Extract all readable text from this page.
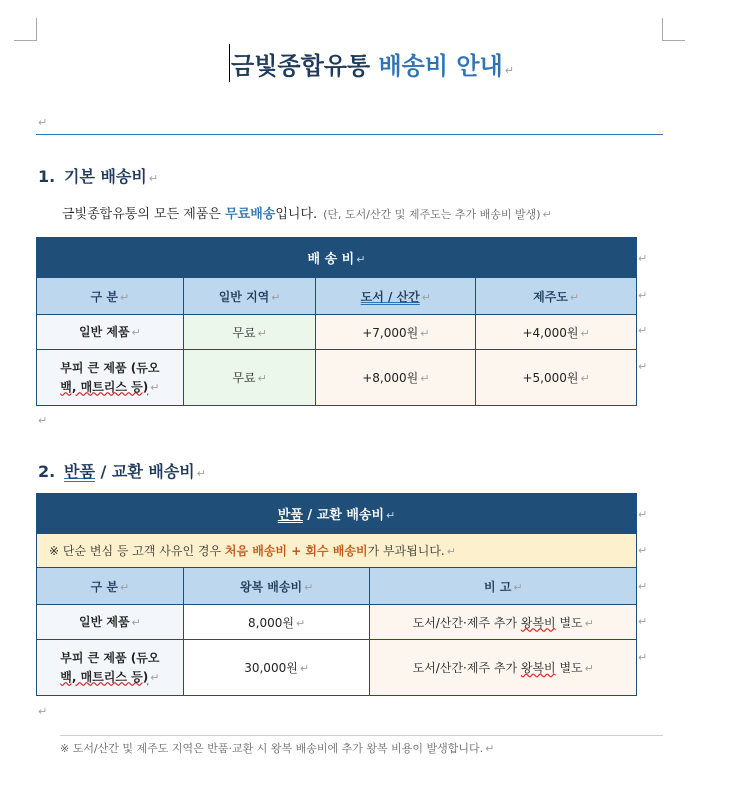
금빛종합유통 배송비 안내 ↵
↵
1. 기본 배송비 ↵
금빛종합유통의 모든 제품은 무료배송입니다. (단, 도서/산간 및 제주도는 추가 배송비 발생) ↵
배 송 비 ↵			
구 분 ↵	일반 지역 ↵	도서 / 산간 ↵	제주도 ↵
일반 제품 ↵	무료 ↵	+7,000원 ↵	+4,000원 ↵
부피 큰 제품 (듀오
백, 매트리스 등) ↵	무료 ↵	+8,000원 ↵	+5,000원 ↵
↵
↵
↵
↵
↵
2. 반품 / 교환 배송비 ↵
반품 / 교환 배송비 ↵		
※ 단순 변심 등 고객 사유인 경우 처음 배송비 + 회수 배송비가 부과됩니다. ↵		
구 분 ↵	왕복 배송비 ↵	비 고 ↵
일반 제품 ↵	8,000원 ↵	도서/산간·제주 추가 왕복비 별도 ↵
부피 큰 제품 (듀오
백, 매트리스 등) ↵	30,000원 ↵	도서/산간·제주 추가 왕복비 별도 ↵
↵
↵
↵
↵
↵
↵
※ 도서/산간 및 제주도 지역은 반품·교환 시 왕복 배송비에 추가 왕복 비용이 발생합니다. ↵
